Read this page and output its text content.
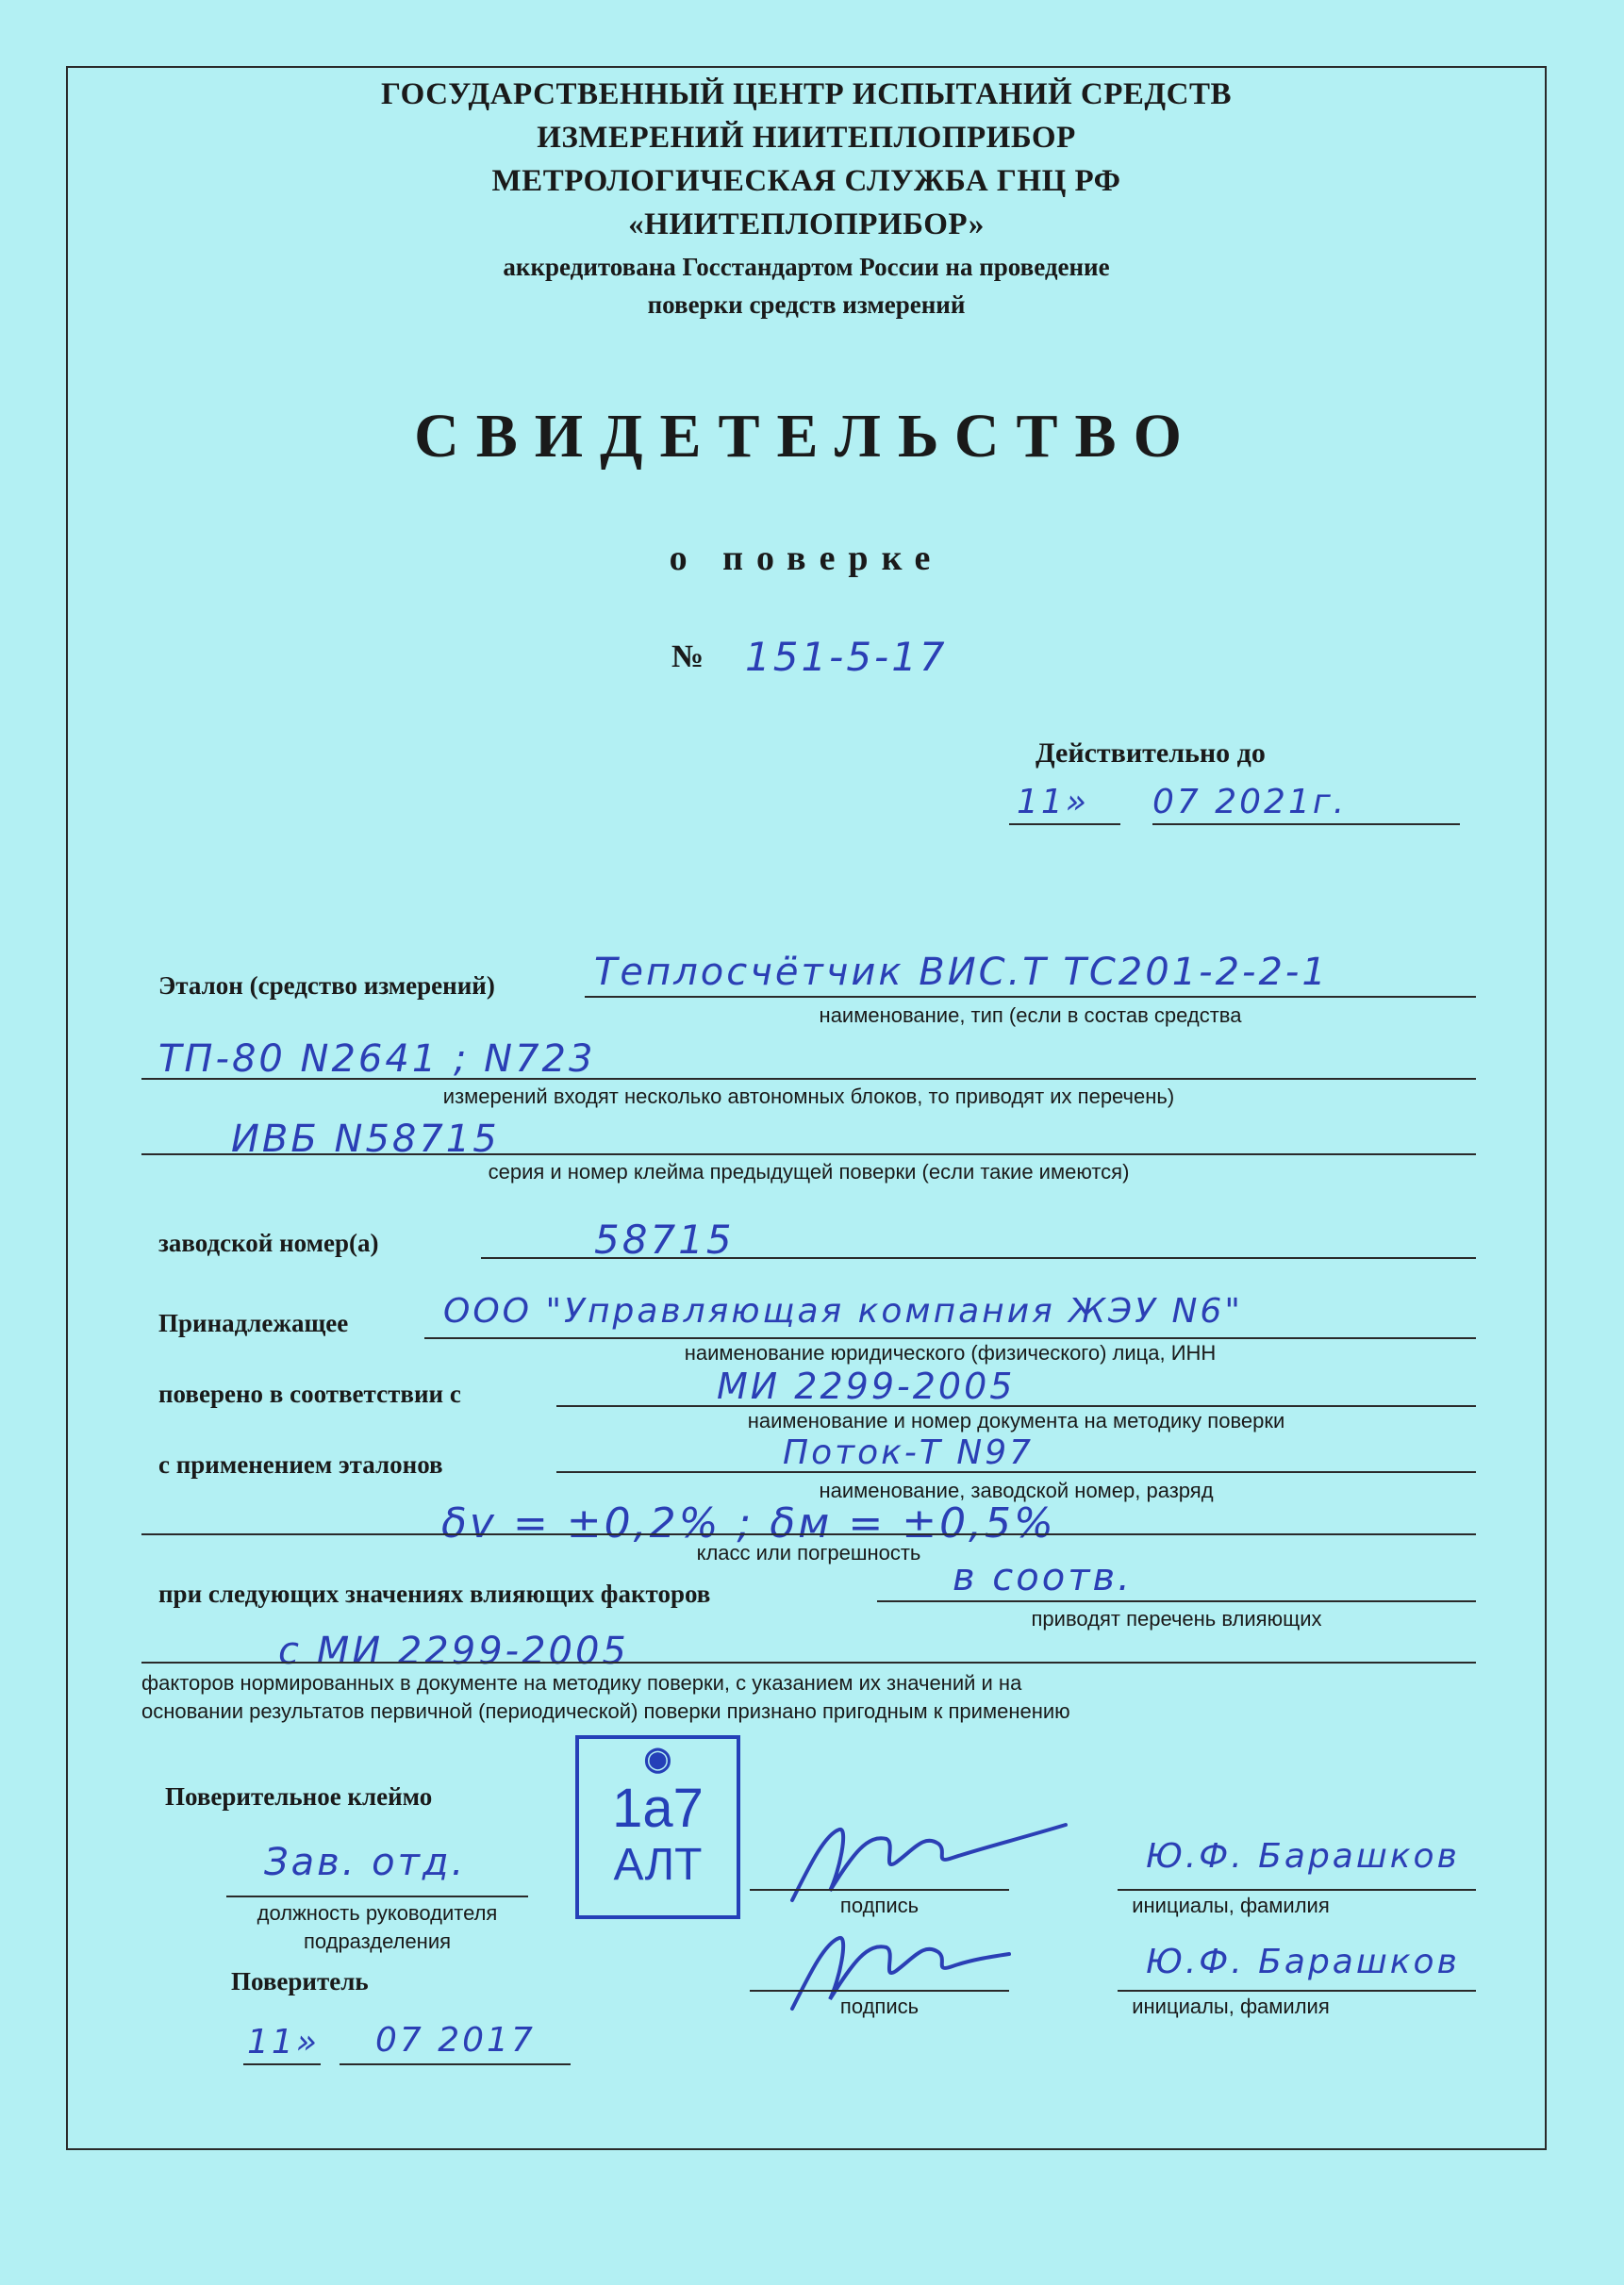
ГОСУДАРСТВЕННЫЙ ЦЕНТР ИСПЫТАНИЙ СРЕДСТВ
ИЗМЕРЕНИЙ НИИТЕПЛОПРИБОР
МЕТРОЛОГИЧЕСКАЯ СЛУЖБА ГНЦ РФ
«НИИТЕПЛОПРИБОР»
аккредитована Госстандартом России на проведение
поверки средств измерений
СВИДЕТЕЛЬСТВО
о поверке
№ 151-5-17
Действительно до
11» 07 2021г.
Эталон (средство измерений)	Теплосчётчик ВИС.Т ТС201-2-2-1
наименование, тип (если в состав средства
ТП-80 N2641 ; N723
измерений входят несколько автономных блоков, то приводят их перечень)
ИВБ N58715
серия и номер клейма предыдущей поверки (если такие имеются)
заводской номер(а)	58715
Принадлежащее	ООО "Управляющая компания ЖЭУ N6"
наименование юридического (физического) лица, ИНН
поверено в соответствии с	МИ 2299-2005
наименование и номер документа на методику поверки
с применением эталонов	Поток-Т N97
наименование, заводской номер, разряд
δv = ±0,2% ; δм = ±0,5%
класс или погрешность
при следующих значениях влияющих факторов	в соотв.
приводят перечень влияющих
с МИ 2299-2005
факторов нормированных в документе на методику поверки, с указанием их значений и на
основании результатов первичной (периодической) поверки признано пригодным к применению
Поверительное клеймо
◉
1а7
АЛТ
Зав. отд.
должность руководителя
подразделения
подпись
Ю.Ф. Барашков
инициалы, фамилия
Поверитель
подпись
Ю.Ф. Барашков
инициалы, фамилия
11» 07 2017
